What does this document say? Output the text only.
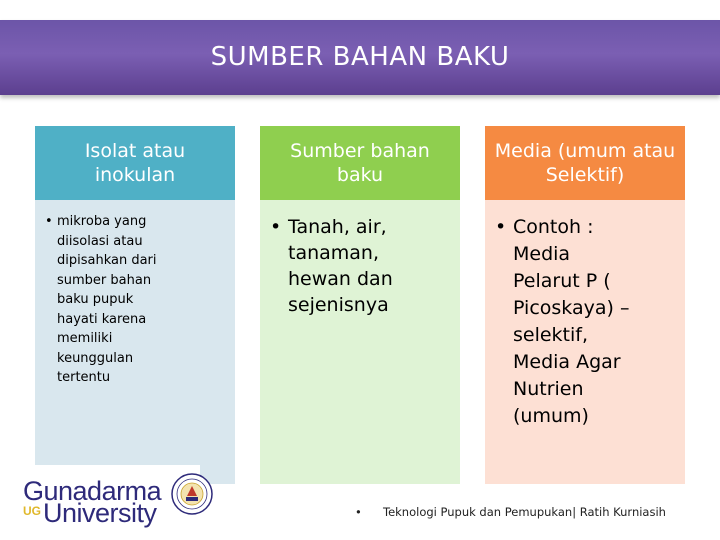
SUMBER BAHAN BAKU
Isolat atau inokulan
• mikroba yang diisolasi atau dipisahkan dari sumber bahan baku pupuk hayati karena memiliki keunggulan tertentu
Sumber bahan baku
• Tanah, air, tanaman, hewan dan sejenisnya
Media (umum atau Selektif)
• Contoh : Media Pelarut P ( Picoskaya) – selektif, Media Agar Nutrien (umum)
Gunadarma
UG University	• Teknologi Pupuk dan Pemupukan| Ratih Kurniasih
